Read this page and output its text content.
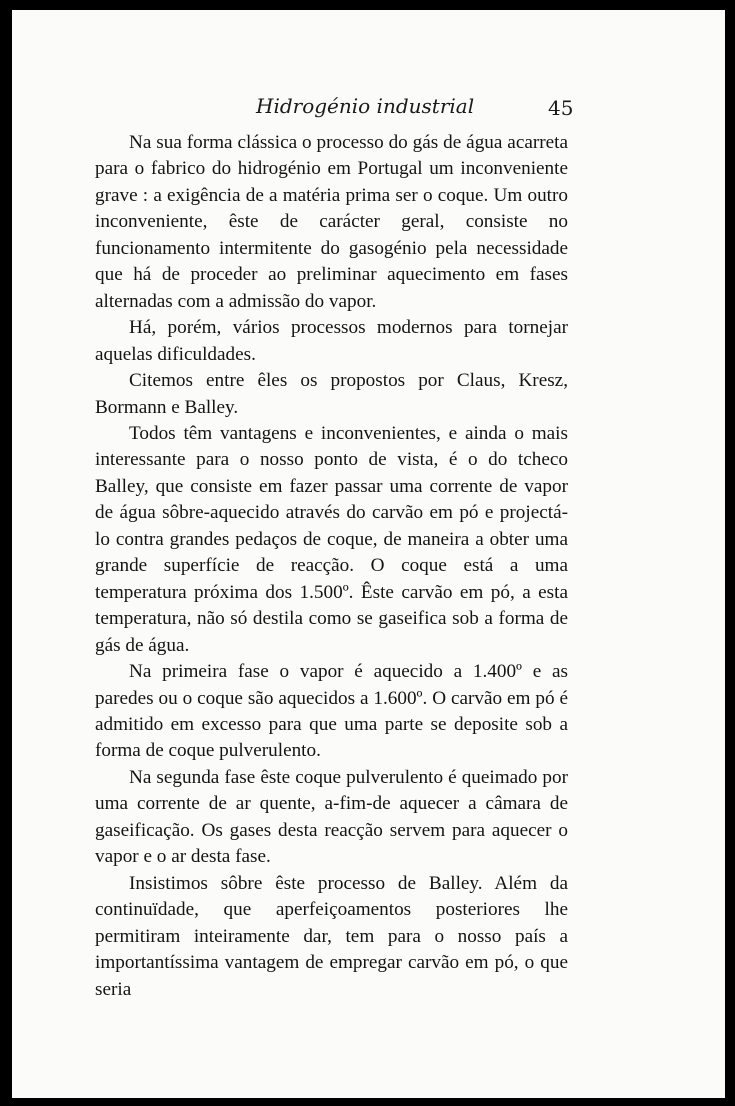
Hidrogénio industrial	45

Na sua forma clássica o processo do gás de água acarreta para o fabrico do hidrogénio em Portugal um inconveniente grave : a exigência de a matéria prima ser o coque. Um outro inconveniente, êste de carácter geral, consiste no funcionamento intermitente do gasogénio pela necessidade que há de proceder ao preliminar aquecimento em fases alternadas com a admissão do vapor.

Há, porém, vários processos modernos para tornejar aquelas dificuldades.

Citemos entre êles os propostos por Claus, Kresz, Bormann e Balley.

Todos têm vantagens e inconvenientes, e ainda o mais interessante para o nosso ponto de vista, é o do tcheco Balley, que consiste em fazer passar uma corrente de vapor de água sôbre-aquecido através do carvão em pó e projectá-lo contra grandes pedaços de coque, de maneira a obter uma grande superfície de reacção. O coque está a uma temperatura próxima dos 1.500º. Êste carvão em pó, a esta temperatura, não só destila como se gaseifica sob a forma de gás de água.

Na primeira fase o vapor é aquecido a 1.400º e as paredes ou o coque são aquecidos a 1.600º. O carvão em pó é admitido em excesso para que uma parte se deposite sob a forma de coque pulverulento.

Na segunda fase êste coque pulverulento é queimado por uma corrente de ar quente, a-fim-de aquecer a câmara de gaseificação. Os gases desta reacção servem para aquecer o vapor e o ar desta fase.

Insistimos sôbre êste processo de Balley. Além da continuïdade, que aperfeiçoamentos posteriores lhe permitiram inteiramente dar, tem para o nosso país a importantíssima vantagem de empregar carvão em pó, o que seria
